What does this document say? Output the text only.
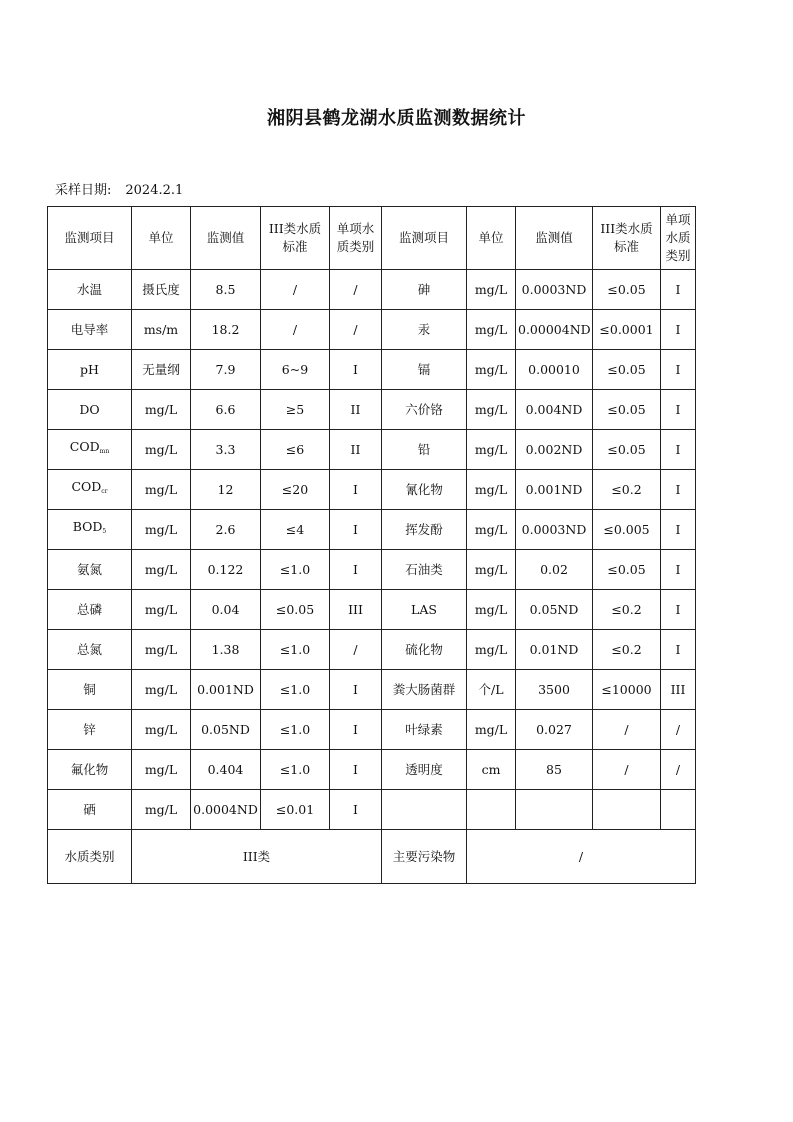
湘阴县鹤龙湖水质监测数据统计
采样日期: 2024.2.1
监测项目	单位	监测值	III类水质标准	单项水质类别	监测项目	单位	监测值	III类水质标准	单项水质类别
水温	摄氏度	8.5	/	/	砷	mg/L	0.0003ND	≤0.05	I
电导率	ms/m	18.2	/	/	汞	mg/L	0.00004ND	≤0.0001	I
pH	无量纲	7.9	6~9	I	镉	mg/L	0.00010	≤0.05	I
DO	mg/L	6.6	≥5	II	六价铬	mg/L	0.004ND	≤0.05	I
$COD_{mn}$	mg/L	3.3	≤6	II	铅	mg/L	0.002ND	≤0.05	I
$COD_{cr}$	mg/L	12	≤20	I	氰化物	mg/L	0.001ND	≤0.2	I
$BOD_5$	mg/L	2.6	≤4	I	挥发酚	mg/L	0.0003ND	≤0.005	I
氨氮	mg/L	0.122	≤1.0	I	石油类	mg/L	0.02	≤0.05	I
总磷	mg/L	0.04	≤0.05	III	LAS	mg/L	0.05ND	≤0.2	I
总氮	mg/L	1.38	≤1.0	/	硫化物	mg/L	0.01ND	≤0.2	I
铜	mg/L	0.001ND	≤1.0	I	粪大肠菌群	个/L	3500	≤10000	III
锌	mg/L	0.05ND	≤1.0	I	叶绿素	mg/L	0.027	/	/
氟化物	mg/L	0.404	≤1.0	I	透明度	cm	85	/	/
硒	mg/L	0.0004ND	≤0.01	I					
水质类别	III类				主要污染物	/			
